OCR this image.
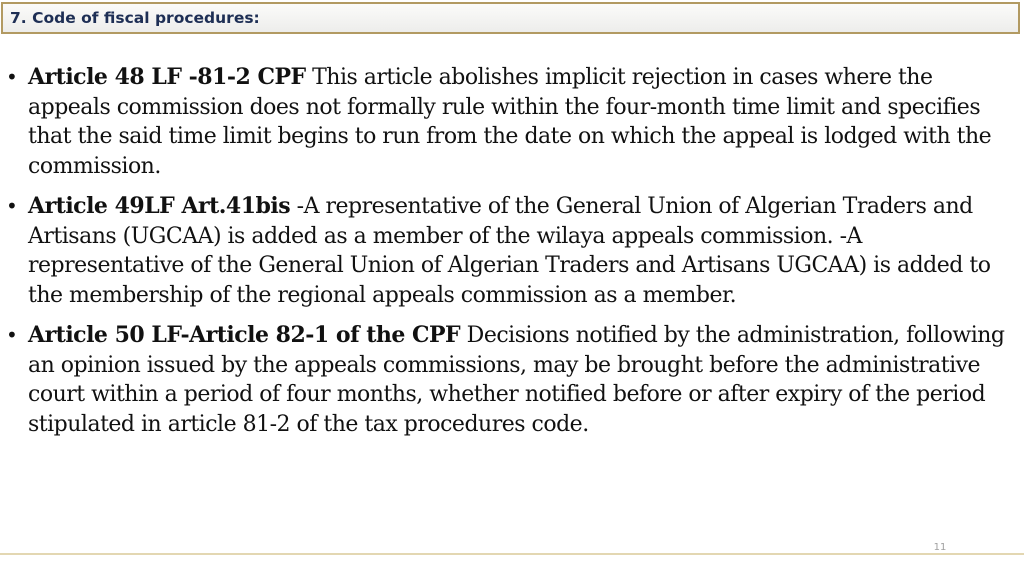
7. Code of fiscal procedures:
• Article 48 LF -81-2 CPF This article abolishes implicit rejection in cases where the appeals commission does not formally rule within the four-month time limit and specifies that the said time limit begins to run from the date on which the appeal is lodged with the commission.
• Article 49LF Art.41bis -A representative of the General Union of Algerian Traders and Artisans (UGCAA) is added as a member of the wilaya appeals commission. -A representative of the General Union of Algerian Traders and Artisans UGCAA) is added to the membership of the regional appeals commission as a member.
• Article 50 LF-Article 82-1 of the CPF Decisions notified by the administration, following an opinion issued by the appeals commissions, may be brought before the administrative court within a period of four months, whether notified before or after expiry of the period stipulated in article 81-2 of the tax procedures code.
11
